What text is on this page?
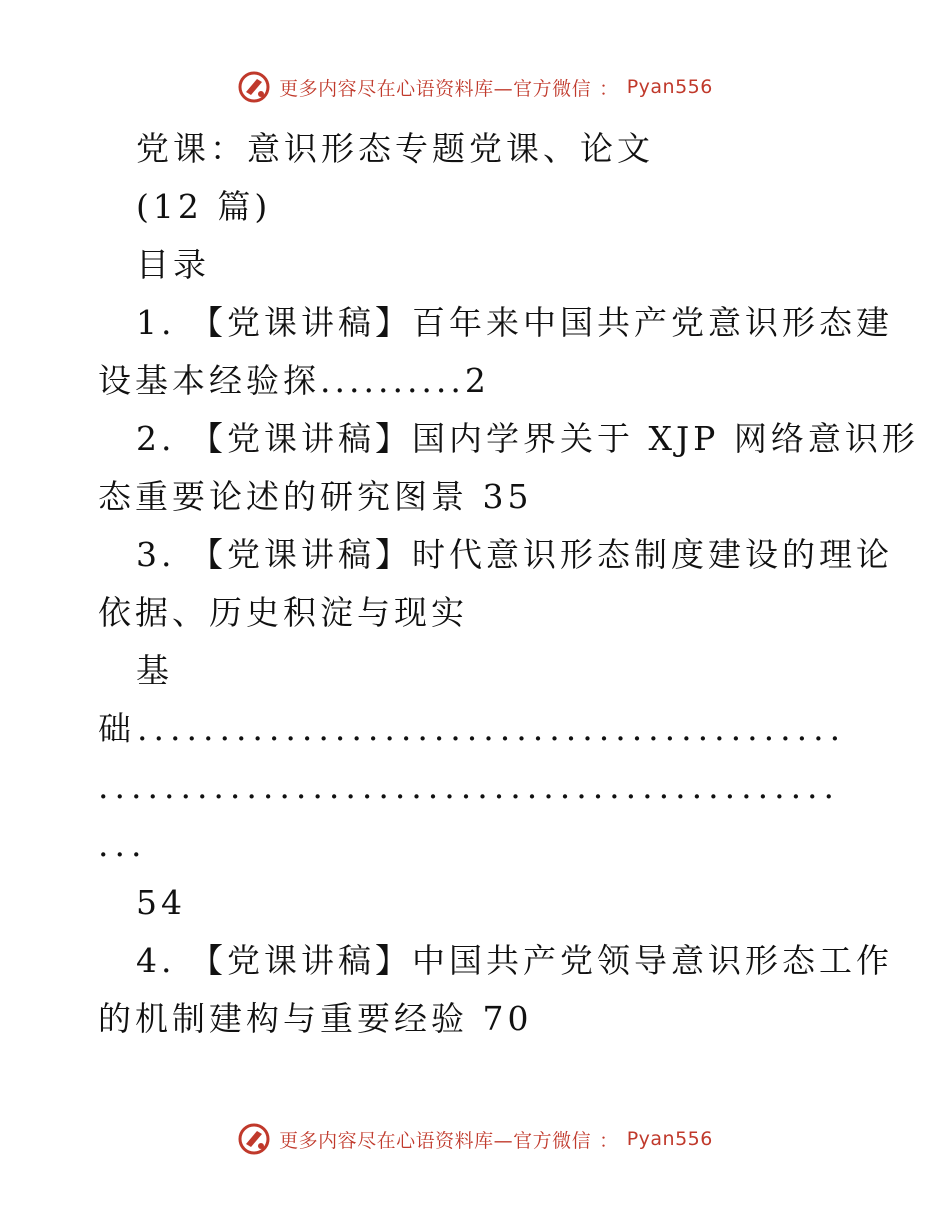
更多内容尽在心语资料库—官方微信 ： Pyan556
党课：意识形态专题党课、论文
(12 篇)
目录
1. 【党课讲稿】百年来中国共产党意识形态建
设基本经验探..........2
2. 【党课讲稿】国内学界关于 XJP 网络意识形
态重要论述的研究图景 35
3. 【党课讲稿】时代意识形态制度建设的理论
依据、历史积淀与现实
基
础...........................................
.............................................
...
54
4. 【党课讲稿】中国共产党领导意识形态工作
的机制建构与重要经验 70
更多内容尽在心语资料库—官方微信 ： Pyan556
